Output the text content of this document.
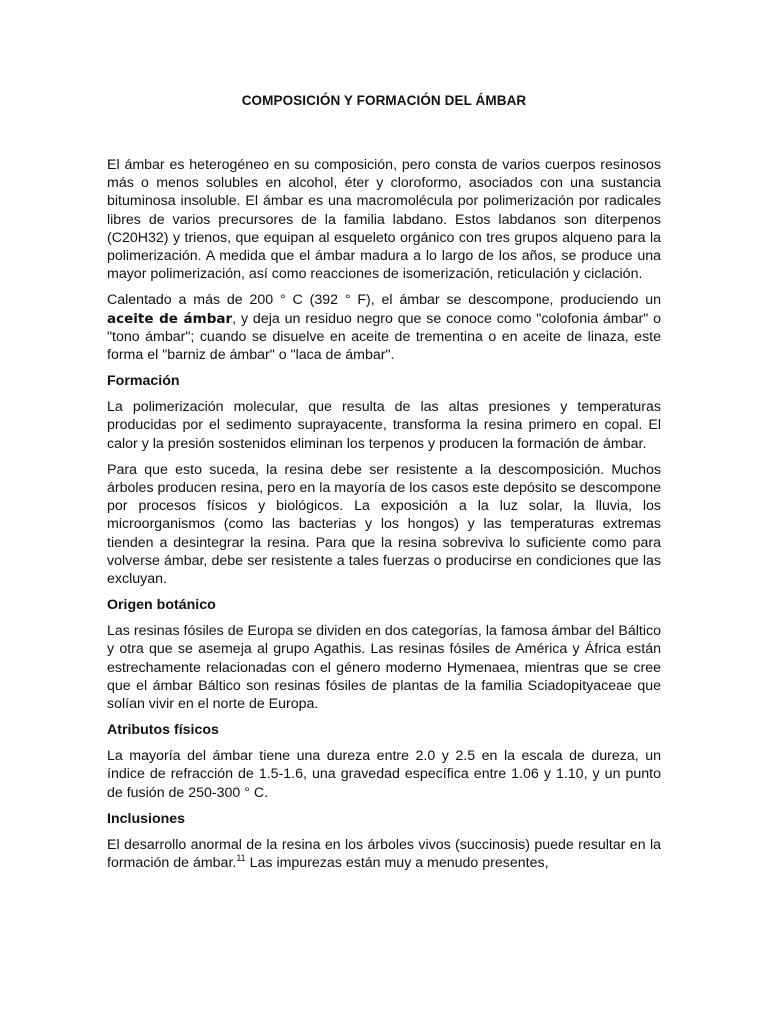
COMPOSICIÓN Y FORMACIÓN DEL ÁMBAR

El ámbar es heterogéneo en su composición, pero consta de varios cuerpos resinosos más o menos solubles en alcohol, éter y cloroformo, asociados con una sustancia bituminosa insoluble. El ámbar es una macromolécula por polimerización por radicales libres de varios precursores de la familia labdano. Estos labdanos son diterpenos (C20H32) y trienos, que equipan al esqueleto orgánico con tres grupos alqueno para la polimerización. A medida que el ámbar madura a lo largo de los años, se produce una mayor polimerización, así como reacciones de isomerización, reticulación y ciclación.

Calentado a más de 200 ° C (392 ° F), el ámbar se descompone, produciendo un aceite de ámbar, y deja un residuo negro que se conoce como "colofonia ámbar" o "tono ámbar"; cuando se disuelve en aceite de trementina o en aceite de linaza, este forma el "barniz de ámbar" o "laca de ámbar".

Formación

La polimerización molecular, que resulta de las altas presiones y temperaturas producidas por el sedimento suprayacente, transforma la resina primero en copal. El calor y la presión sostenidos eliminan los terpenos y producen la formación de ámbar.

Para que esto suceda, la resina debe ser resistente a la descomposición. Muchos árboles producen resina, pero en la mayoría de los casos este depósito se descompone por procesos físicos y biológicos. La exposición a la luz solar, la lluvia, los microorganismos (como las bacterias y los hongos) y las temperaturas extremas tienden a desintegrar la resina. Para que la resina sobreviva lo suficiente como para volverse ámbar, debe ser resistente a tales fuerzas o producirse en condiciones que las excluyan.

Origen botánico

Las resinas fósiles de Europa se dividen en dos categorías, la famosa ámbar del Báltico y otra que se asemeja al grupo Agathis. Las resinas fósiles de América y África están estrechamente relacionadas con el género moderno Hymenaea, mientras que se cree que el ámbar Báltico son resinas fósiles de plantas de la familia Sciadopityaceae que solían vivir en el norte de Europa.

Atributos físicos

La mayoría del ámbar tiene una dureza entre 2.0 y 2.5 en la escala de dureza, un índice de refracción de 1.5-1.6, una gravedad específica entre 1.06 y 1.10, y un punto de fusión de 250-300 ° C.

Inclusiones

El desarrollo anormal de la resina en los árboles vivos (succinosis) puede resultar en la formación de ámbar.$^{11}$ Las impurezas están muy a menudo presentes,
